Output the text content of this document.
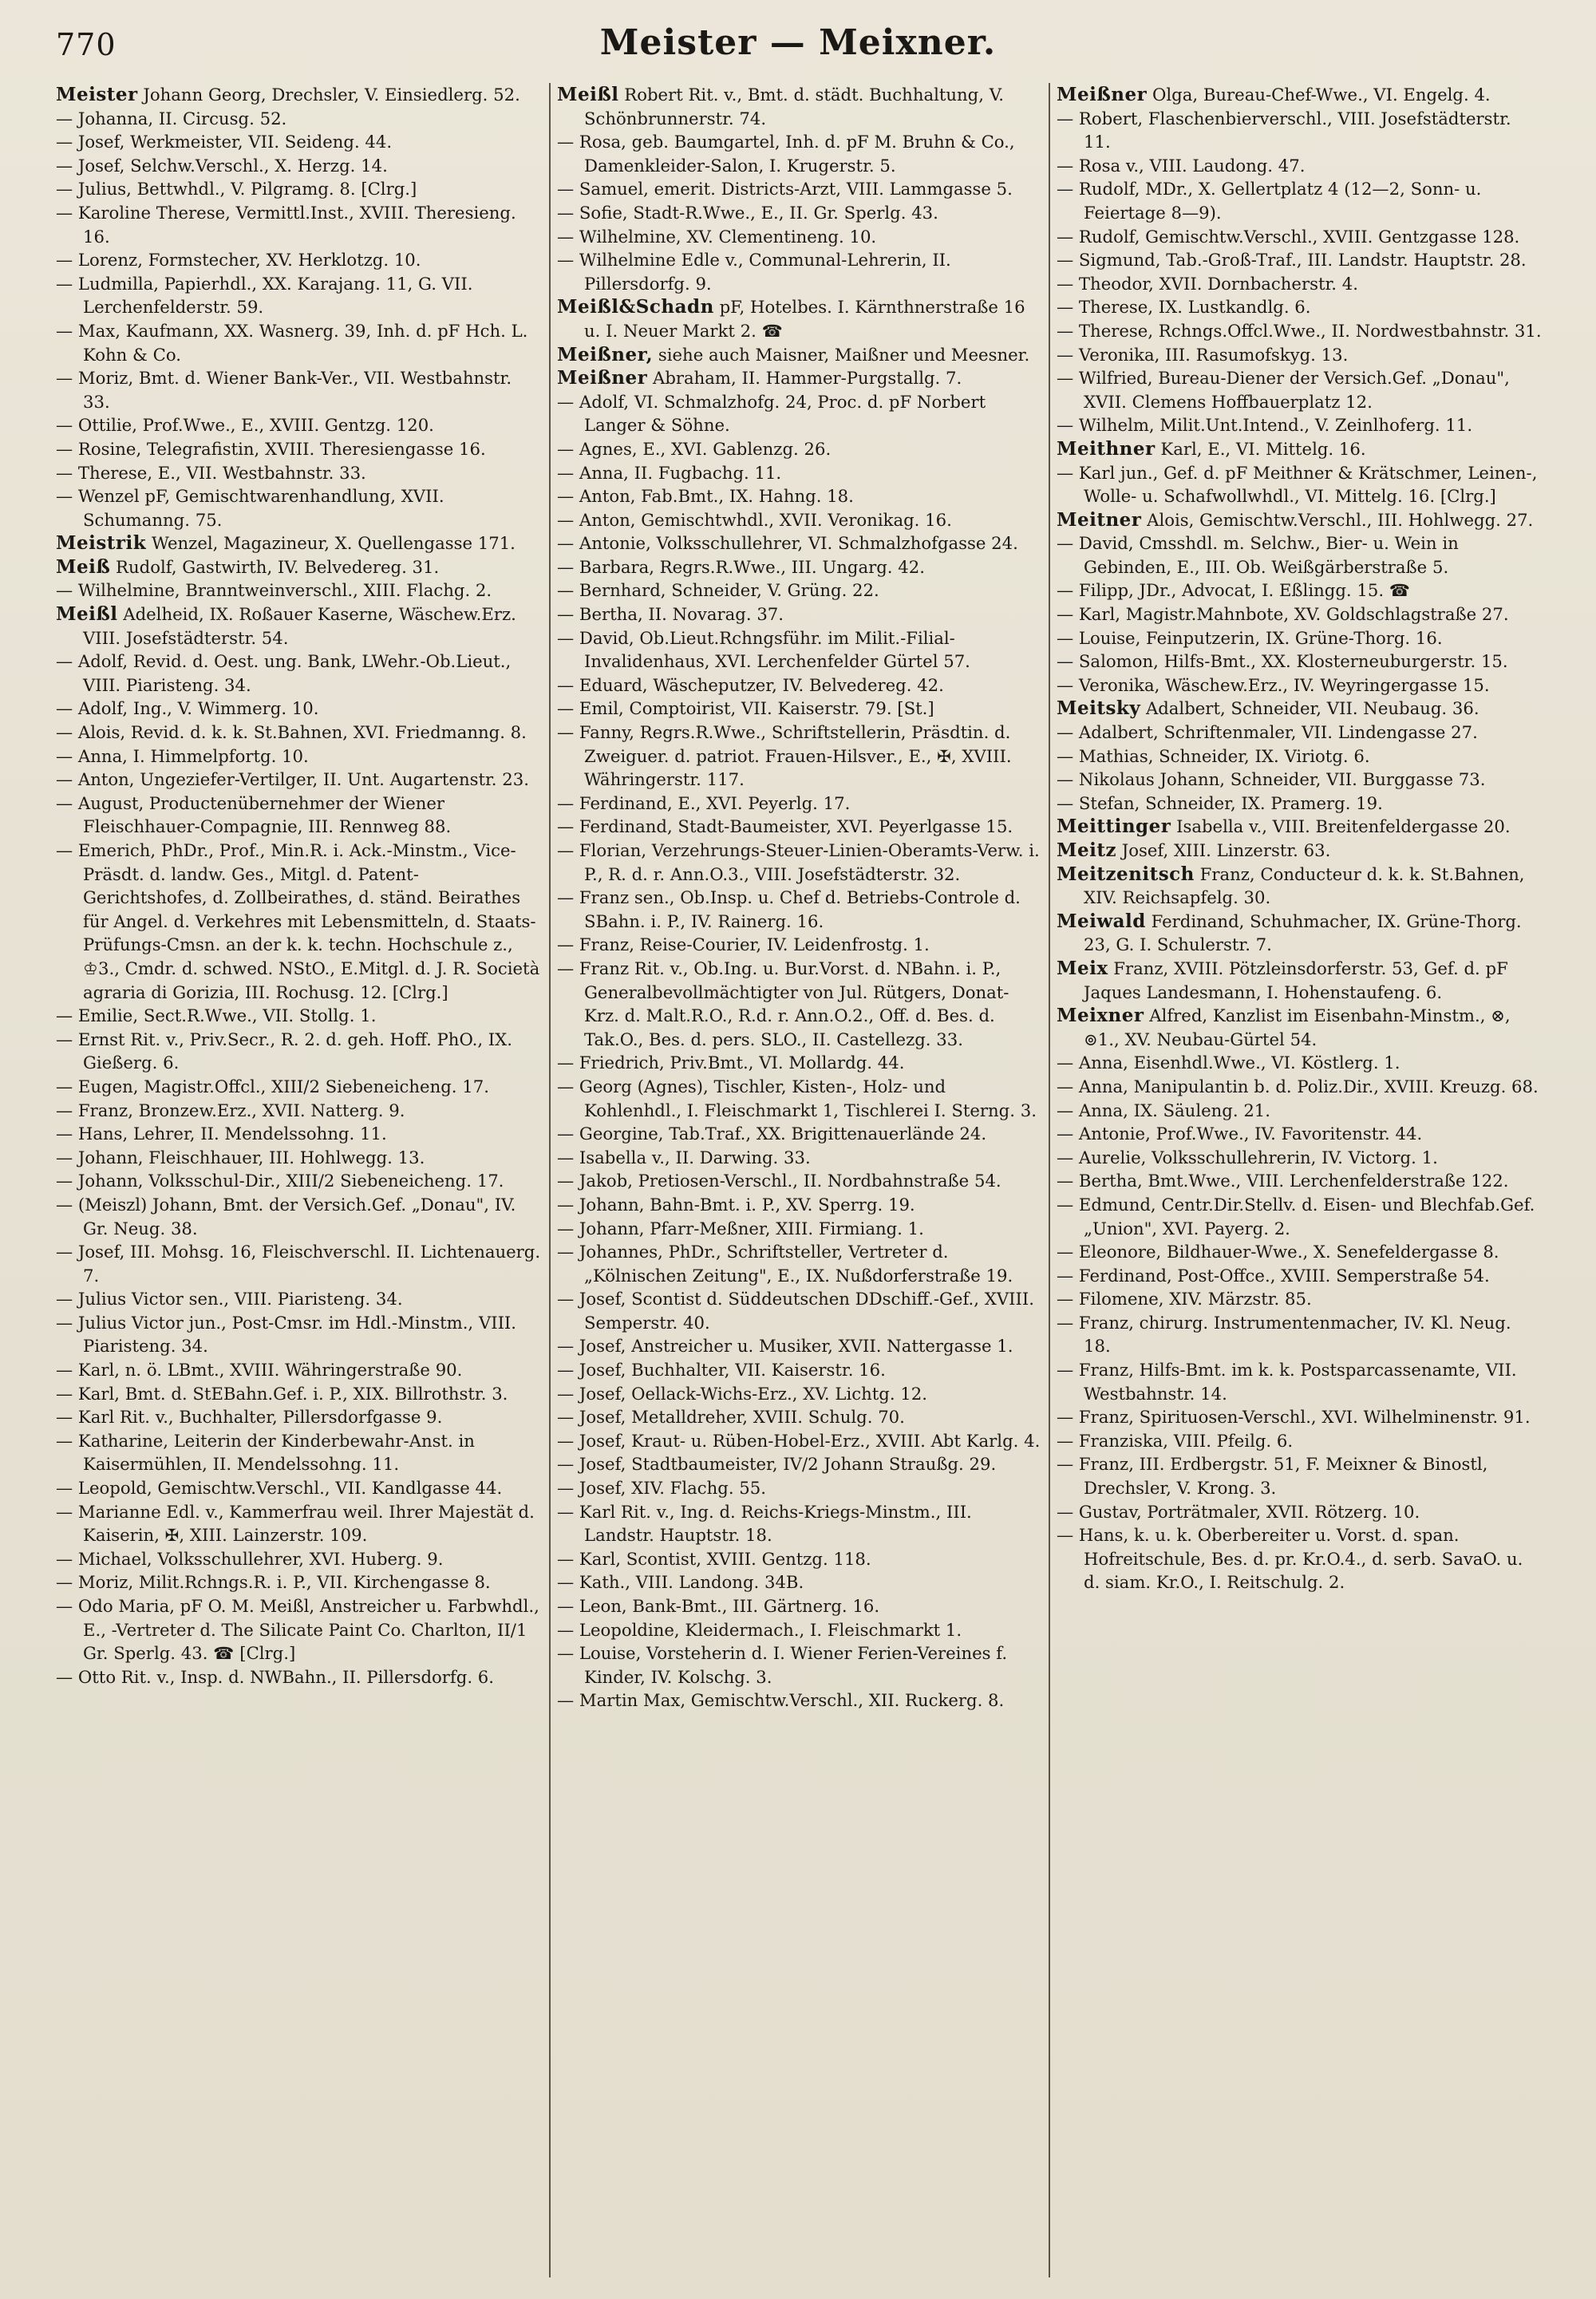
770	Meister — Meixner.

Meister Johann Georg, Drechsler, V. Einsiedlerg. 52.

— Johanna, II. Circusg. 52.

— Josef, Werkmeister, VII. Seideng. 44.

— Josef, Selchw.Verschl., X. Herzg. 14.

— Julius, Bettwhdl., V. Pilgramg. 8. [Clrg.]

— Karoline Therese, Vermittl.Inst., XVIII. Theresieng. 16.

— Lorenz, Formstecher, XV. Herklotzg. 10.

— Ludmilla, Papierhdl., XX. Karajang. 11, G. VII. Lerchenfelderstr. 59.

— Max, Kaufmann, XX. Wasnerg. 39, Inh. d. pF Hch. L. Kohn & Co.

— Moriz, Bmt. d. Wiener Bank-Ver., VII. Westbahnstr. 33.

— Ottilie, Prof.Wwe., E., XVIII. Gentzg. 120.

— Rosine, Telegrafistin, XVIII. Theresiengasse 16.

— Therese, E., VII. Westbahnstr. 33.

— Wenzel pF, Gemischtwarenhandlung, XVII. Schumanng. 75.

Meistrik Wenzel, Magazineur, X. Quellengasse 171.

Meiß Rudolf, Gastwirth, IV. Belvedereg. 31.

— Wilhelmine, Branntweinverschl., XIII. Flachg. 2.

Meißl Adelheid, IX. Roßauer Kaserne, Wäschew.Erz. VIII. Josefstädterstr. 54.

— Adolf, Revid. d. Oest. ung. Bank, LWehr.-Ob.Lieut., VIII. Piaristeng. 34.

— Adolf, Ing., V. Wimmerg. 10.

— Alois, Revid. d. k. k. St.Bahnen, XVI. Friedmanng. 8.

— Anna, I. Himmelpfortg. 10.

— Anton, Ungeziefer-Vertilger, II. Unt. Augartenstr. 23.

— August, Productenübernehmer der Wiener Fleischhauer-Compagnie, III. Rennweg 88.

— Emerich, PhDr., Prof., Min.R. i. Ack.-Minstm., Vice-Präsdt. d. landw. Ges., Mitgl. d. Patent-Gerichtshofes, d. Zollbeirathes, d. ständ. Beirathes für Angel. d. Verkehres mit Lebensmitteln, d. Staats-Prüfungs-Cmsn. an der k. k. techn. Hochschule z., ♔3., Cmdr. d. schwed. NStO., E.Mitgl. d. J. R. Società agraria di Gorizia, III. Rochusg. 12. [Clrg.]

— Emilie, Sect.R.Wwe., VII. Stollg. 1.

— Ernst Rit. v., Priv.Secr., R. 2. d. geh. Hoff. PhO., IX. Gießerg. 6.

— Eugen, Magistr.Offcl., XIII/2 Siebeneicheng. 17.

— Franz, Bronzew.Erz., XVII. Natterg. 9.

— Hans, Lehrer, II. Mendelssohng. 11.

— Johann, Fleischhauer, III. Hohlwegg. 13.

— Johann, Volksschul-Dir., XIII/2 Siebeneicheng. 17.

— (Meiszl) Johann, Bmt. der Versich.Gef. „Donau", IV. Gr. Neug. 38.

— Josef, III. Mohsg. 16, Fleischverschl. II. Lichtenauerg. 7.

— Julius Victor sen., VIII. Piaristeng. 34.

— Julius Victor jun., Post-Cmsr. im Hdl.-Minstm., VIII. Piaristeng. 34.

— Karl, n. ö. LBmt., XVIII. Währingerstraße 90.

— Karl, Bmt. d. StEBahn.Gef. i. P., XIX. Billrothstr. 3.

— Karl Rit. v., Buchhalter, Pillersdorfgasse 9.

— Katharine, Leiterin der Kinderbewahr-Anst. in Kaisermühlen, II. Mendelssohng. 11.

— Leopold, Gemischtw.Verschl., VII. Kandlgasse 44.

— Marianne Edl. v., Kammerfrau weil. Ihrer Majestät d. Kaiserin, ✠, XIII. Lainzerstr. 109.

— Michael, Volksschullehrer, XVI. Huberg. 9.

— Moriz, Milit.Rchngs.R. i. P., VII. Kirchengasse 8.

— Odo Maria, pF O. M. Meißl, Anstreicher u. Farbwhdl., E., -Vertreter d. The Silicate Paint Co. Charlton, II/1 Gr. Sperlg. 43. ☎ [Clrg.]

— Otto Rit. v., Insp. d. NWBahn., II. Pillersdorfg. 6.

Meißl Robert Rit. v., Bmt. d. städt. Buchhaltung, V. Schönbrunnerstr. 74.

— Rosa, geb. Baumgartel, Inh. d. pF M. Bruhn & Co., Damenkleider-Salon, I. Krugerstr. 5.

— Samuel, emerit. Districts-Arzt, VIII. Lammgasse 5.

— Sofie, Stadt-R.Wwe., E., II. Gr. Sperlg. 43.

— Wilhelmine, XV. Clementineng. 10.

— Wilhelmine Edle v., Communal-Lehrerin, II. Pillersdorfg. 9.

Meißl&Schadn pF, Hotelbes. I. Kärnthnerstraße 16 u. I. Neuer Markt 2. ☎

Meißner, siehe auch Maisner, Maißner und Meesner.

Meißner Abraham, II. Hammer-Purgstallg. 7.

— Adolf, VI. Schmalzhofg. 24, Proc. d. pF Norbert Langer & Söhne.

— Agnes, E., XVI. Gablenzg. 26.

— Anna, II. Fugbachg. 11.

— Anton, Fab.Bmt., IX. Hahng. 18.

— Anton, Gemischtwhdl., XVII. Veronikag. 16.

— Antonie, Volksschullehrer, VI. Schmalzhofgasse 24.

— Barbara, Regrs.R.Wwe., III. Ungarg. 42.

— Bernhard, Schneider, V. Grüng. 22.

— Bertha, II. Novarag. 37.

— David, Ob.Lieut.Rchngsführ. im Milit.-Filial-Invalidenhaus, XVI. Lerchenfelder Gürtel 57.

— Eduard, Wäscheputzer, IV. Belvedereg. 42.

— Emil, Comptoirist, VII. Kaiserstr. 79. [St.]

— Fanny, Regrs.R.Wwe., Schriftstellerin, Präsdtin. d. Zweiguer. d. patriot. Frauen-Hilsver., E., ✠, XVIII. Währingerstr. 117.

— Ferdinand, E., XVI. Peyerlg. 17.

— Ferdinand, Stadt-Baumeister, XVI. Peyerlgasse 15.

— Florian, Verzehrungs-Steuer-Linien-Oberamts-Verw. i. P., R. d. r. Ann.O.3., VIII. Josefstädterstr. 32.

— Franz sen., Ob.Insp. u. Chef d. Betriebs-Controle d. SBahn. i. P., IV. Rainerg. 16.

— Franz, Reise-Courier, IV. Leidenfrostg. 1.

— Franz Rit. v., Ob.Ing. u. Bur.Vorst. d. NBahn. i. P., Generalbevollmächtigter von Jul. Rütgers, Donat-Krz. d. Malt.R.O., R.d. r. Ann.O.2., Off. d. Bes. d. Tak.O., Bes. d. pers. SLO., II. Castellezg. 33.

— Friedrich, Priv.Bmt., VI. Mollardg. 44.

— Georg (Agnes), Tischler, Kisten-, Holz- und Kohlenhdl., I. Fleischmarkt 1, Tischlerei I. Sterng. 3.

— Georgine, Tab.Traf., XX. Brigittenauerlände 24.

— Isabella v., II. Darwing. 33.

— Jakob, Pretiosen-Verschl., II. Nordbahnstraße 54.

— Johann, Bahn-Bmt. i. P., XV. Sperrg. 19.

— Johann, Pfarr-Meßner, XIII. Firmiang. 1.

— Johannes, PhDr., Schriftsteller, Vertreter d. „Kölnischen Zeitung", E., IX. Nußdorferstraße 19.

— Josef, Scontist d. Süddeutschen DDschiff.-Gef., XVIII. Semperstr. 40.

— Josef, Anstreicher u. Musiker, XVII. Nattergasse 1.

— Josef, Buchhalter, VII. Kaiserstr. 16.

— Josef, Oellack-Wichs-Erz., XV. Lichtg. 12.

— Josef, Metalldreher, XVIII. Schulg. 70.

— Josef, Kraut- u. Rüben-Hobel-Erz., XVIII. Abt Karlg. 4.

— Josef, Stadtbaumeister, IV/2 Johann Straußg. 29.

— Josef, XIV. Flachg. 55.

— Karl Rit. v., Ing. d. Reichs-Kriegs-Minstm., III. Landstr. Hauptstr. 18.

— Karl, Scontist, XVIII. Gentzg. 118.

— Kath., VIII. Landong. 34B.

— Leon, Bank-Bmt., III. Gärtnerg. 16.

— Leopoldine, Kleidermach., I. Fleischmarkt 1.

— Louise, Vorsteherin d. I. Wiener Ferien-Vereines f. Kinder, IV. Kolschg. 3.

— Martin Max, Gemischtw.Verschl., XII. Ruckerg. 8.

Meißner Olga, Bureau-Chef-Wwe., VI. Engelg. 4.

— Robert, Flaschenbierverschl., VIII. Josefstädterstr. 11.

— Rosa v., VIII. Laudong. 47.

— Rudolf, MDr., X. Gellertplatz 4 (12—2, Sonn- u. Feiertage 8—9).

— Rudolf, Gemischtw.Verschl., XVIII. Gentzgasse 128.

— Sigmund, Tab.-Groß-Traf., III. Landstr. Hauptstr. 28.

— Theodor, XVII. Dornbacherstr. 4.

— Therese, IX. Lustkandlg. 6.

— Therese, Rchngs.Offcl.Wwe., II. Nordwestbahnstr. 31.

— Veronika, III. Rasumofskyg. 13.

— Wilfried, Bureau-Diener der Versich.Gef. „Donau", XVII. Clemens Hoffbauerplatz 12.

— Wilhelm, Milit.Unt.Intend., V. Zeinlhoferg. 11.

Meithner Karl, E., VI. Mittelg. 16.

— Karl jun., Gef. d. pF Meithner & Krätschmer, Leinen-, Wolle- u. Schafwollwhdl., VI. Mittelg. 16. [Clrg.]

Meitner Alois, Gemischtw.Verschl., III. Hohlwegg. 27.

— David, Cmsshdl. m. Selchw., Bier- u. Wein in Gebinden, E., III. Ob. Weißgärberstraße 5.

— Filipp, JDr., Advocat, I. Eßlingg. 15. ☎

— Karl, Magistr.Mahnbote, XV. Goldschlagstraße 27.

— Louise, Feinputzerin, IX. Grüne-Thorg. 16.

— Salomon, Hilfs-Bmt., XX. Klosterneuburgerstr. 15.

— Veronika, Wäschew.Erz., IV. Weyringergasse 15.

Meitsky Adalbert, Schneider, VII. Neubaug. 36.

— Adalbert, Schriftenmaler, VII. Lindengasse 27.

— Mathias, Schneider, IX. Viriotg. 6.

— Nikolaus Johann, Schneider, VII. Burggasse 73.

— Stefan, Schneider, IX. Pramerg. 19.

Meittinger Isabella v., VIII. Breitenfeldergasse 20.

Meitz Josef, XIII. Linzerstr. 63.

Meitzenitsch Franz, Conducteur d. k. k. St.Bahnen, XIV. Reichsapfelg. 30.

Meiwald Ferdinand, Schuhmacher, IX. Grüne-Thorg. 23, G. I. Schulerstr. 7.

Meix Franz, XVIII. Pötzleinsdorferstr. 53, Gef. d. pF Jaques Landesmann, I. Hohenstaufeng. 6.

Meixner Alfred, Kanzlist im Eisenbahn-Minstm., ⊗, ⊚1., XV. Neubau-Gürtel 54.

— Anna, Eisenhdl.Wwe., VI. Köstlerg. 1.

— Anna, Manipulantin b. d. Poliz.Dir., XVIII. Kreuzg. 68.

— Anna, IX. Säuleng. 21.

— Antonie, Prof.Wwe., IV. Favoritenstr. 44.

— Aurelie, Volksschullehrerin, IV. Victorg. 1.

— Bertha, Bmt.Wwe., VIII. Lerchenfelderstraße 122.

— Edmund, Centr.Dir.Stellv. d. Eisen- und Blechfab.Gef. „Union", XVI. Payerg. 2.

— Eleonore, Bildhauer-Wwe., X. Senefeldergasse 8.

— Ferdinand, Post-Offce., XVIII. Semperstraße 54.

— Filomene, XIV. Märzstr. 85.

— Franz, chirurg. Instrumentenmacher, IV. Kl. Neug. 18.

— Franz, Hilfs-Bmt. im k. k. Postsparcassenamte, VII. Westbahnstr. 14.

— Franz, Spirituosen-Verschl., XVI. Wilhelminenstr. 91.

— Franziska, VIII. Pfeilg. 6.

— Franz, III. Erdbergstr. 51, F. Meixner & Binostl, Drechsler, V. Krong. 3.

— Gustav, Porträtmaler, XVII. Rötzerg. 10.

— Hans, k. u. k. Oberbereiter u. Vorst. d. span. Hofreitschule, Bes. d. pr. Kr.O.4., d. serb. SavaO. u. d. siam. Kr.O., I. Reitschulg. 2.
